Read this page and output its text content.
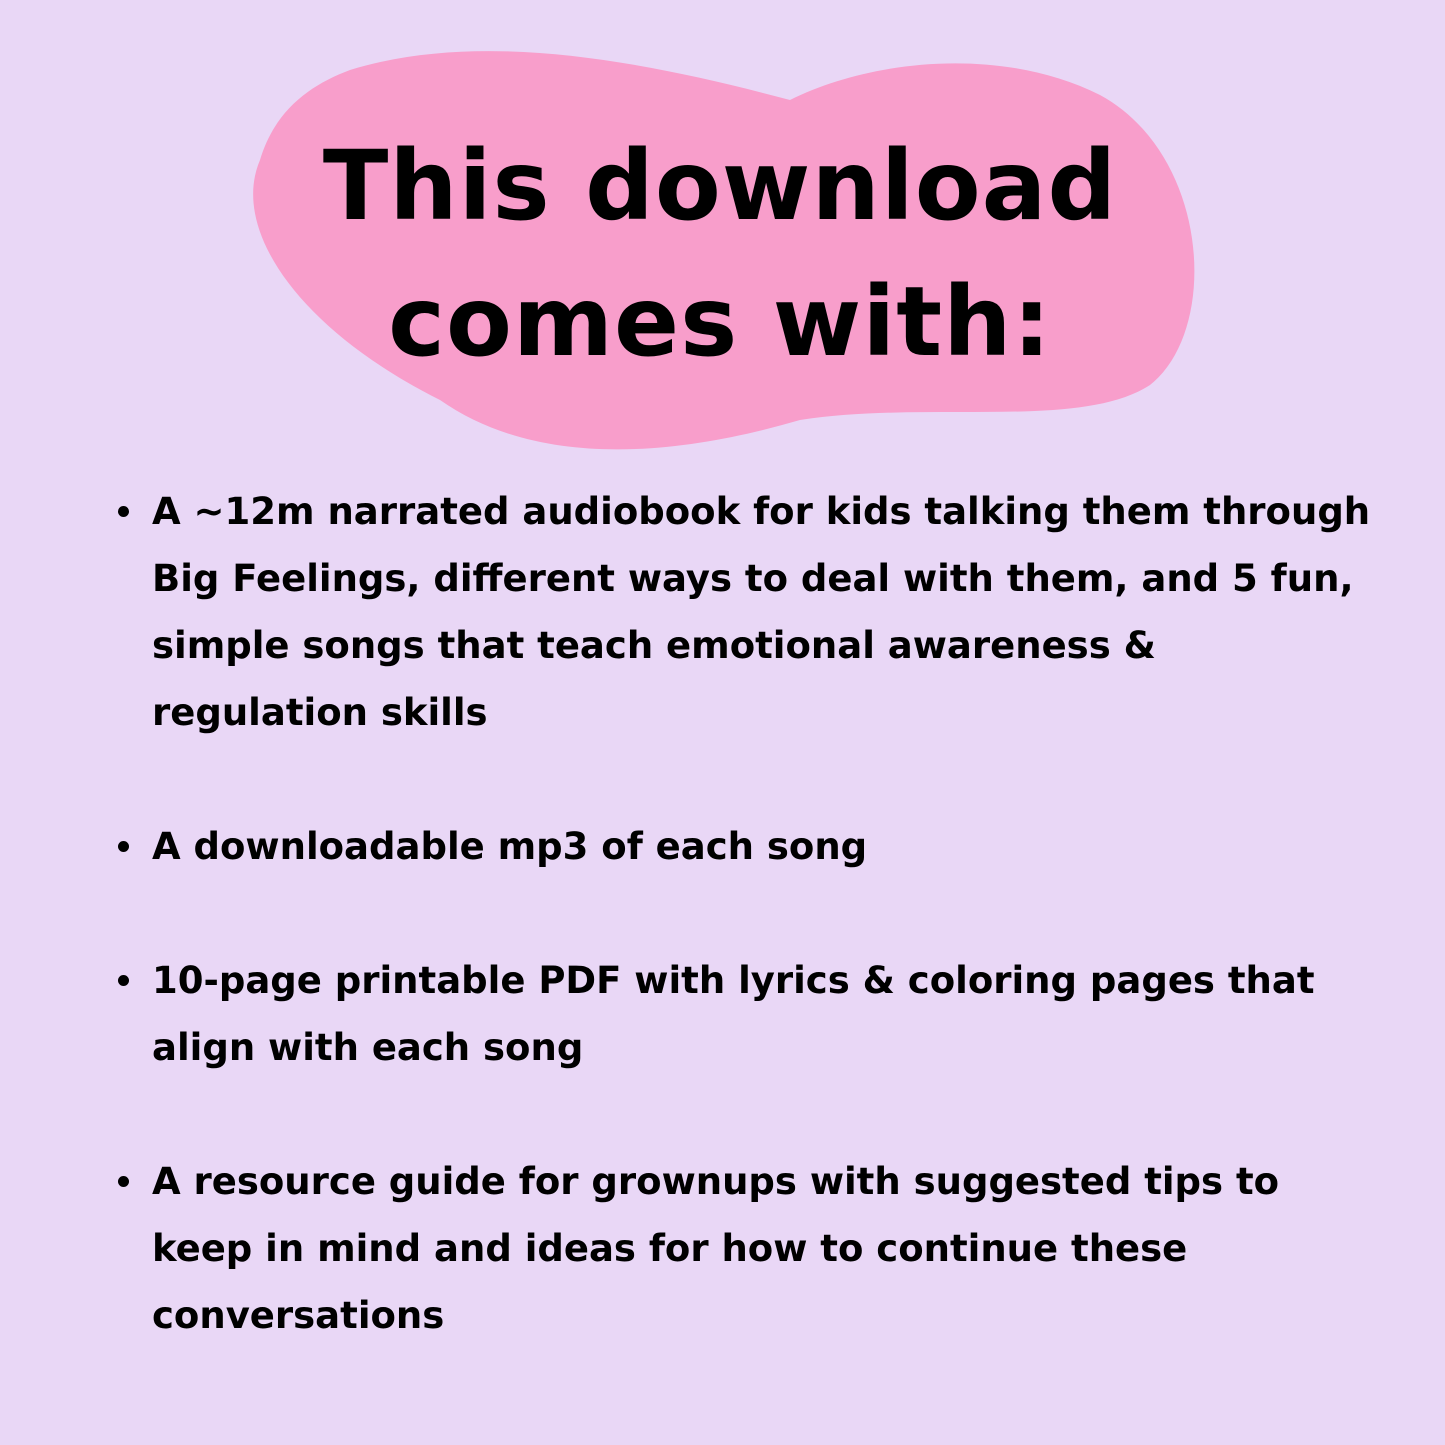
This download
comes with:
A ~12m narrated audiobook for kids talking them through Big Feelings, different ways to deal with them, and 5 fun, simple songs that teach emotional awareness & regulation skills
A downloadable mp3 of each song
10-page printable PDF with lyrics & coloring pages that align with each song
A resource guide for grownups with suggested tips to keep in mind and ideas for how to continue these conversations
